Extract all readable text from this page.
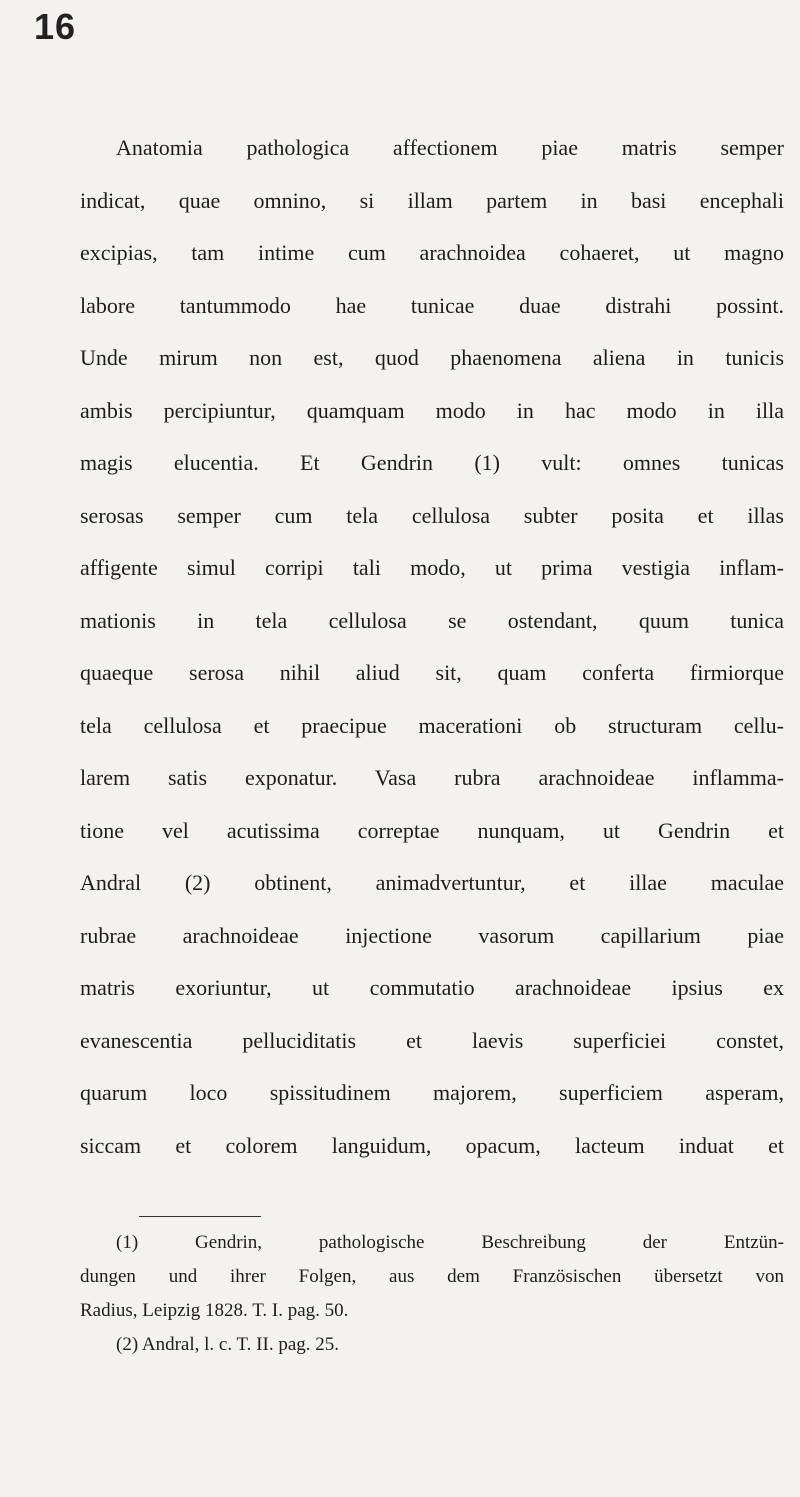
16
Anatomia pathologica affectionem piae matris semper
indicat, quae omnino, si illam partem in basi encephali
excipias, tam intime cum arachnoidea cohaeret, ut magno
labore tantummodo hae tunicae duae distrahi possint.
Unde mirum non est, quod phaenomena aliena in tunicis
ambis percipiuntur, quamquam modo in hac modo in illa
magis elucentia. Et Gendrin (1) vult: omnes tunicas
serosas semper cum tela cellulosa subter posita et illas
affigente simul corripi tali modo, ut prima vestigia inflam-
mationis in tela cellulosa se ostendant, quum tunica
quaeque serosa nihil aliud sit, quam conferta firmiorque
tela cellulosa et praecipue macerationi ob structuram cellu-
larem satis exponatur. Vasa rubra arachnoideae inflamma-
tione vel acutissima correptae nunquam, ut Gendrin et
Andral (2) obtinent, animadvertuntur, et illae maculae
rubrae arachnoideae injectione vasorum capillarium piae
matris exoriuntur, ut commutatio arachnoideae ipsius ex
evanescentia pelluciditatis et laevis superficiei constet,
quarum loco spissitudinem majorem, superficiem asperam,
siccam et colorem languidum, opacum, lacteum induat et
(1) Gendrin, pathologische Beschreibung der Entzün-
dungen und ihrer Folgen, aus dem Französischen übersetzt von
Radius, Leipzig 1828. T. I. pag. 50.
(2) Andral, l. c. T. II. pag. 25.
